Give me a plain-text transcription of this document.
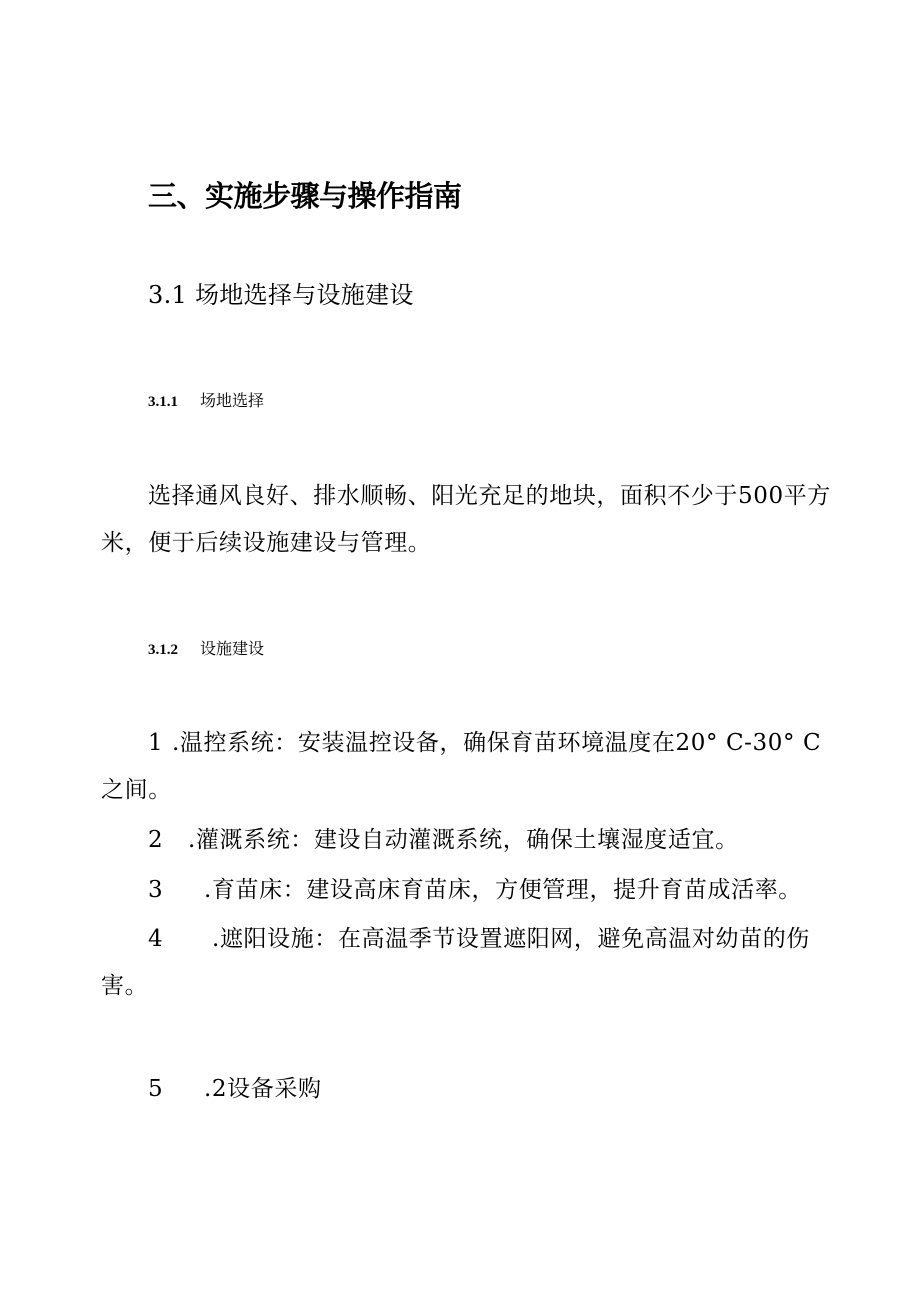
三、实施步骤与操作指南
3.1 场地选择与设施建设
3.1.1 场地选择
选择通风良好、排水顺畅、阳光充足的地块，面积不少于500平方
米，便于后续设施建设与管理。
3.1.2 设施建设
1 .温控系统：安装温控设备，确保育苗环境温度在20° C-30° C
之间。
2 .灌溉系统：建设自动灌溉系统，确保土壤湿度适宜。
3 .育苗床：建设高床育苗床，方便管理，提升育苗成活率。
4 .遮阳设施：在高温季节设置遮阳网，避免高温对幼苗的伤
害。
5 .2设备采购
